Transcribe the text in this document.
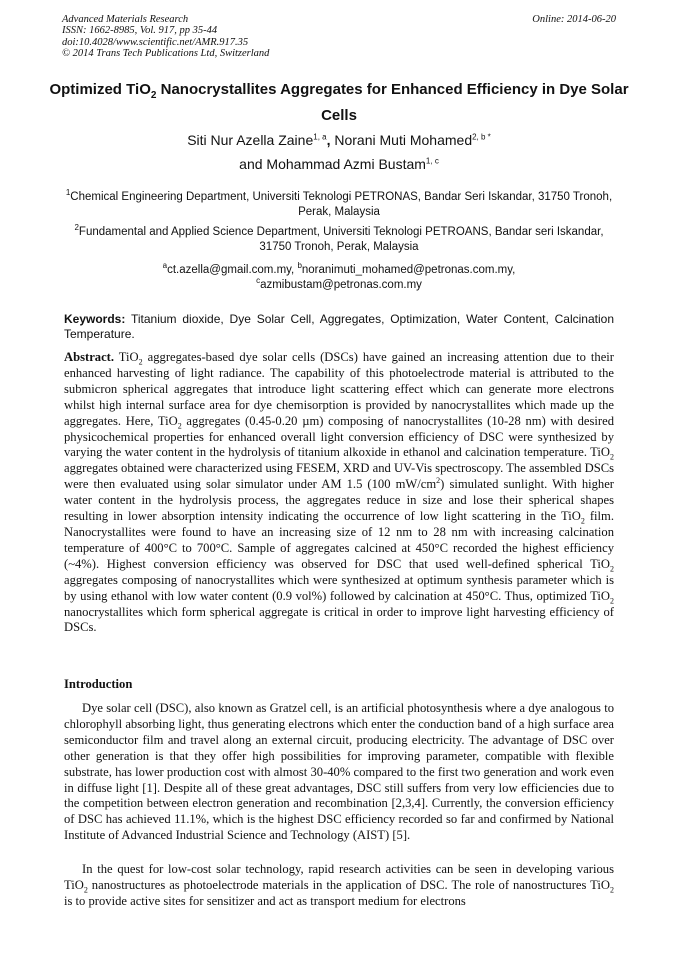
Advanced Materials Research
ISSN: 1662-8985, Vol. 917, pp 35-44
doi:10.4028/www.scientific.net/AMR.917.35
© 2014 Trans Tech Publications Ltd, Switzerland
Online: 2014-06-20
Optimized TiO$_2$ Nanocrystallites Aggregates for Enhanced Efficiency in Dye Solar Cells
Siti Nur Azella Zaine$^{1, a}$, Norani Muti Mohamed$^{2, b *}$
and Mohammad Azmi Bustam$^{1, c}$
$^1$Chemical Engineering Department, Universiti Teknologi PETRONAS, Bandar Seri Iskandar, 31750 Tronoh, Perak, Malaysia
$^2$Fundamental and Applied Science Department, Universiti Teknologi PETROANS, Bandar seri Iskandar, 31750 Tronoh, Perak, Malaysia
$^a$ct.azella@gmail.com.my, $^b$noranimuti_mohamed@petronas.com.my,
$^c$azmibustam@petronas.com.my
Keywords: Titanium dioxide, Dye Solar Cell, Aggregates, Optimization, Water Content, Calcination Temperature.
Abstract. TiO$_2$ aggregates-based dye solar cells (DSCs) have gained an increasing attention due to their enhanced harvesting of light radiance. The capability of this photoelectrode material is attributed to the submicron spherical aggregates that introduce light scattering effect which can generate more electrons whilst high internal surface area for dye chemisorption is provided by nanocrystallites which made up the aggregates. Here, TiO$_2$ aggregates (0.45-0.20 µm) composing of nanocrystallites (10-28 nm) with desired physicochemical properties for enhanced overall light conversion efficiency of DSC were synthesized by varying the water content in the hydrolysis of titanium alkoxide in ethanol and calcination temperature. TiO$_2$ aggregates obtained were characterized using FESEM, XRD and UV-Vis spectroscopy. The assembled DSCs were then evaluated using solar simulator under AM 1.5 (100 $mW/cm^2$) simulated sunlight. With higher water content in the hydrolysis process, the aggregates reduce in size and lose their spherical shapes resulting in lower absorption intensity indicating the occurrence of low light scattering in the TiO$_2$ film. Nanocrystallites were found to have an increasing size of 12 nm to 28 nm with increasing calcination temperature of 400°C to 700°C. Sample of aggregates calcined at 450°C recorded the highest efficiency (~4%). Highest conversion efficiency was observed for DSC that used well-defined spherical TiO$_2$ aggregates composing of nanocrystallites which were synthesized at optimum synthesis parameter which is by using ethanol with low water content (0.9 vol%) followed by calcination at 450°C. Thus, optimized TiO$_2$ nanocrystallites which form spherical aggregate is critical in order to improve light harvesting efficiency of DSCs.
Introduction
Dye solar cell (DSC), also known as Gratzel cell, is an artificial photosynthesis where a dye analogous to chlorophyll absorbing light, thus generating electrons which enter the conduction band of a high surface area semiconductor film and travel along an external circuit, producing electricity. The advantage of DSC over other generation is that they offer high possibilities for improving parameter, compatible with flexible substrate, has lower production cost with almost 30-40% compared to the first two generation and work even in diffuse light [1]. Despite all of these great advantages, DSC still suffers from very low efficiencies due to the competition between electron generation and recombination [2,3,4]. Currently, the conversion efficiency of DSC has achieved 11.1%, which is the highest DSC efficiency recorded so far and confirmed by National Institute of Advanced Industrial Science and Technology (AIST) [5].
In the quest for low-cost solar technology, rapid research activities can be seen in developing various TiO$_2$ nanostructures as photoelectrode materials in the application of DSC. The role of nanostructures TiO$_2$ is to provide active sites for sensitizer and act as transport medium for electrons
